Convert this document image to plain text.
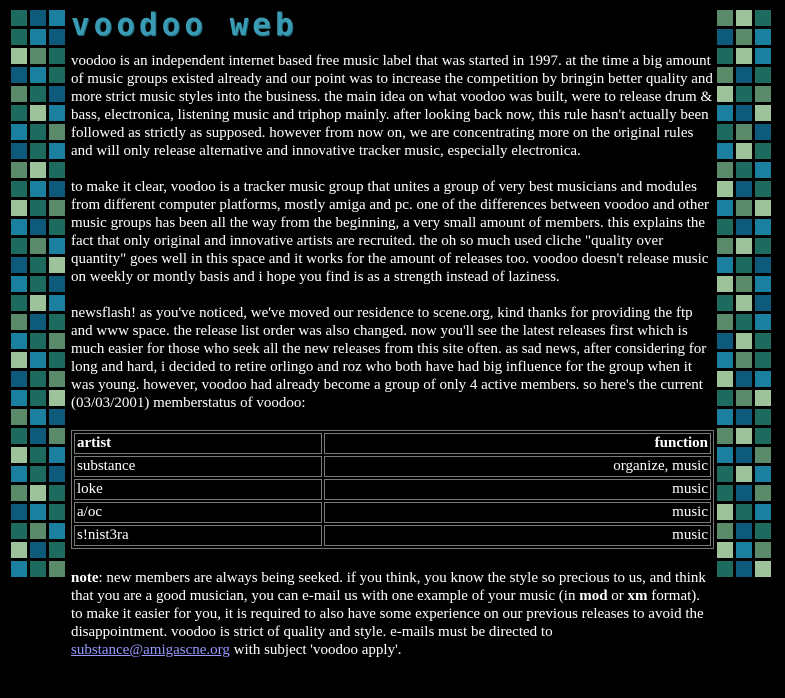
voodoo web

voodoo is an independent internet based free music label that was started in 1997. at the time a big amount of music groups existed already and our point was to increase the competition by bringin better quality and more strict music styles into the business. the main idea on what voodoo was built, were to release drum & bass, electronica, listening music and triphop mainly. after looking back now, this rule hasn't actually been followed as strictly as supposed. however from now on, we are concentrating more on the original rules and will only release alternative and innovative tracker music, especially electronica.

to make it clear, voodoo is a tracker music group that unites a group of very best musicians and modules from different computer platforms, mostly amiga and pc. one of the differences between voodoo and other music groups has been all the way from the beginning, a very small amount of members. this explains the fact that only original and innovative artists are recruited. the oh so much used cliche "quality over quantity" goes well in this space and it works for the amount of releases too. voodoo doesn't release music on weekly or montly basis and i hope you find is as a strength instead of laziness.

newsflash! as you've noticed, we've moved our residence to scene.org, kind thanks for providing the ftp and www space. the release list order was also changed. now you'll see the latest releases first which is much easier for those who seek all the new releases from this site often. as sad news, after considering for long and hard, i decided to retire orlingo and roz who both have had big influence for the group when it was young. however, voodoo had already become a group of only 4 active members. so here's the current (03/03/2001) memberstatus of voodoo:

artist	function
substance	organize, music
loke	music
a/oc	music
s!nist3ra	music

note: new members are always being seeked. if you think, you know the style so precious to us, and think that you are a good musician, you can e-mail us with one example of your music (in mod or xm format). to make it easier for you, it is required to also have some experience on our previous releases to avoid the disappointment. voodoo is strict of quality and style. e-mails must be directed to substance@amigascne.org with subject 'voodoo apply'.
